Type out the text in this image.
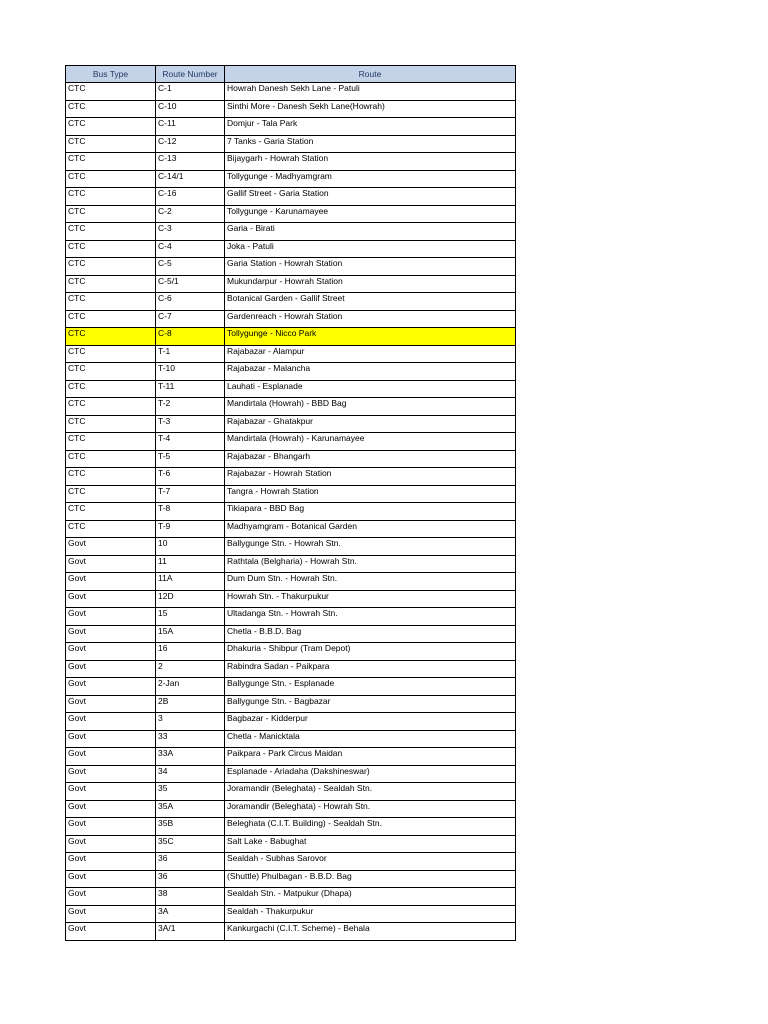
Bus Type	Route Number	Route
CTC	C-1	Howrah Danesh Sekh Lane - Patuli
CTC	C-10	Sinthi More - Danesh Sekh Lane(Howrah)
CTC	C-11	Domjur - Tala Park
CTC	C-12	7 Tanks - Garia Station
CTC	C-13	Bijaygarh - Howrah Station
CTC	C-14/1	Tollygunge - Madhyamgram
CTC	C-16	Gallif Street - Garia Station
CTC	C-2	Tollygunge - Karunamayee
CTC	C-3	Garia - Birati
CTC	C-4	Joka - Patuli
CTC	C-5	Garia Station - Howrah Station
CTC	C-5/1	Mukundarpur - Howrah Station
CTC	C-6	Botanical Garden - Gallif Street
CTC	C-7	Gardenreach - Howrah Station
CTC	C-8	Tollygunge - Nicco Park
CTC	T-1	Rajabazar - Alampur
CTC	T-10	Rajabazar - Malancha
CTC	T-11	Lauhati - Esplanade
CTC	T-2	Mandirtala (Howrah) - BBD Bag
CTC	T-3	Rajabazar - Ghatakpur
CTC	T-4	Mandirtala (Howrah) - Karunamayee
CTC	T-5	Rajabazar - Bhangarh
CTC	T-6	Rajabazar - Howrah Station
CTC	T-7	Tangra - Howrah Station
CTC	T-8	Tikiapara - BBD Bag
CTC	T-9	Madhyamgram - Botanical Garden
Govt	10	Ballygunge Stn. - Howrah Stn.
Govt	11	Rathtala (Belgharia) - Howrah Stn.
Govt	11A	Dum Dum Stn. - Howrah Stn.
Govt	12D	Howrah Stn. - Thakurpukur
Govt	15	Ultadanga Stn. - Howrah Stn.
Govt	15A	Chetla - B.B.D. Bag
Govt	16	Dhakuria - Shibpur (Tram Depot)
Govt	2	Rabindra Sadan - Paikpara
Govt	2-Jan	Ballygunge Stn. - Esplanade
Govt	2B	Ballygunge Stn. - Bagbazar
Govt	3	Bagbazar - Kidderpur
Govt	33	Chetla - Manicktala
Govt	33A	Paikpara - Park Circus Maidan
Govt	34	Esplanade - Ariadaha (Dakshineswar)
Govt	35	Joramandir (Beleghata) - Sealdah Stn.
Govt	35A	Joramandir (Beleghata) - Howrah Stn.
Govt	35B	Beleghata (C.I.T. Building) - Sealdah Stn.
Govt	35C	Salt Lake - Babughat
Govt	36	Sealdah - Subhas Sarovor
Govt	36	(Shuttle) Phulbagan - B.B.D. Bag
Govt	38	Sealdah Stn. - Matpukur (Dhapa)
Govt	3A	Sealdah - Thakurpukur
Govt	3A/1	Kankurgachi (C.I.T. Scheme) - Behala
